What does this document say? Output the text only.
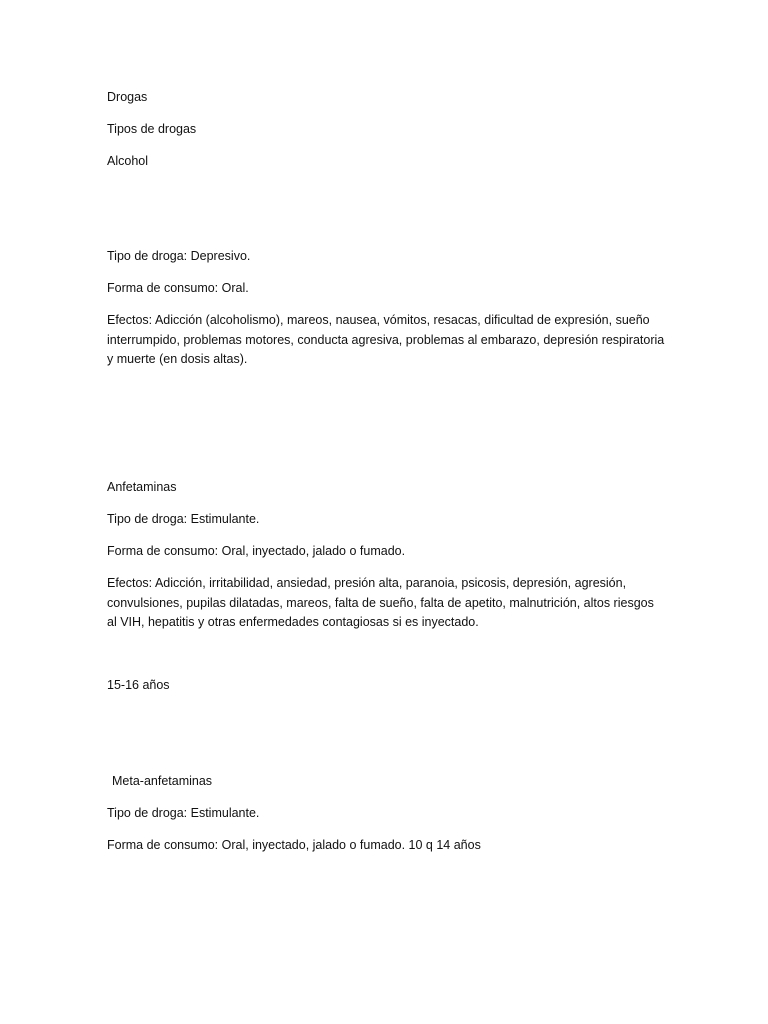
Drogas

Tipos de drogas

Alcohol

Tipo de droga: Depresivo.

Forma de consumo: Oral.

Efectos: Adicción (alcoholismo), mareos, nausea, vómitos, resacas, dificultad de expresión, sueño interrumpido, problemas motores, conducta agresiva, problemas al embarazo, depresión respiratoria y muerte (en dosis altas).

Anfetaminas

Tipo de droga: Estimulante.

Forma de consumo: Oral, inyectado, jalado o fumado.

Efectos: Adicción, irritabilidad, ansiedad, presión alta, paranoia, psicosis, depresión, agresión, convulsiones, pupilas dilatadas, mareos, falta de sueño, falta de apetito, malnutrición, altos riesgos al VIH, hepatitis y otras enfermedades contagiosas si es inyectado.

15-16 años

Meta-anfetaminas

Tipo de droga: Estimulante.

Forma de consumo: Oral, inyectado, jalado o fumado. 10 q 14 años
